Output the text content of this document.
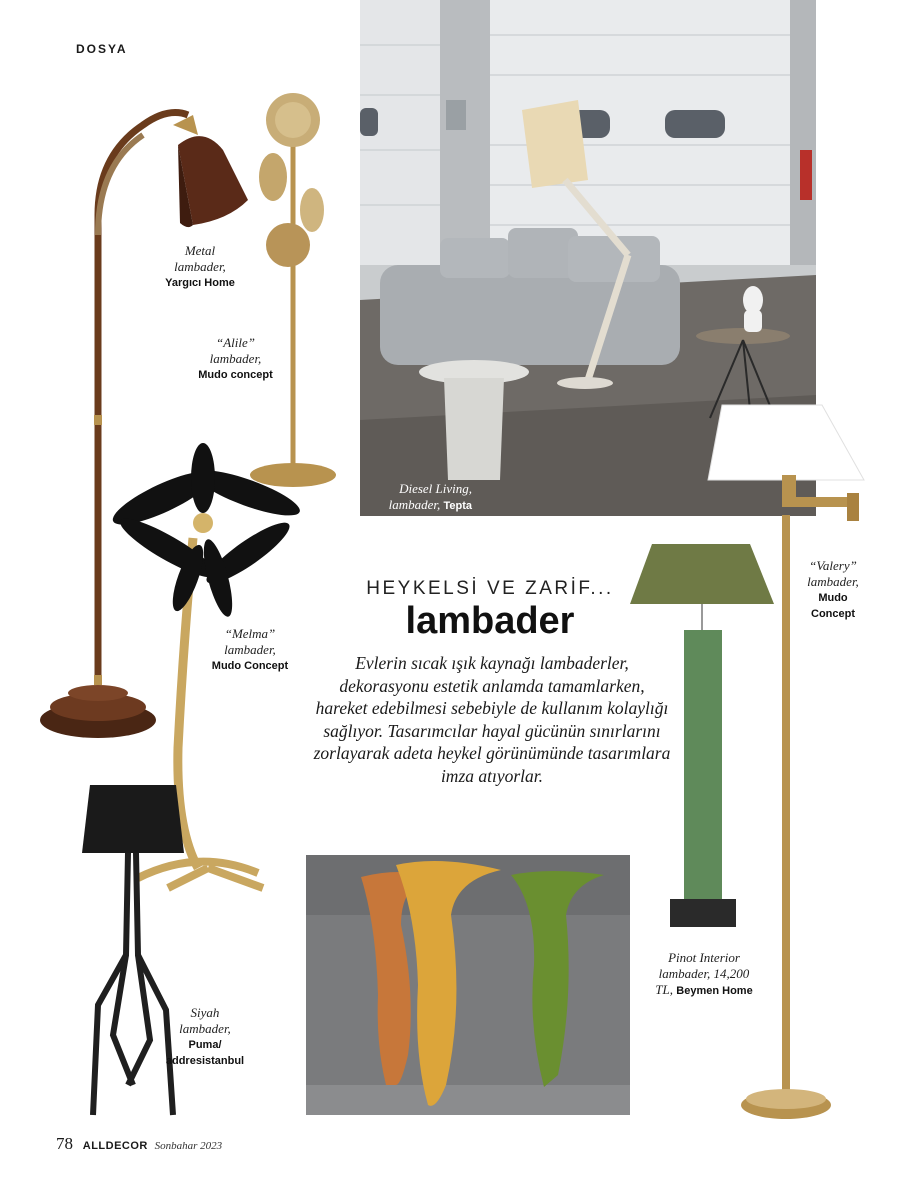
DOSYA
Metal
lambader,
Yargıcı Home
“Alile”
lambader,
Mudo concept
Diesel Living,
lambader, Tepta
“Valery”
lambader,
Mudo
Concept
“Melma”
lambader,
Mudo Concept
Pinot Interior
lambader, 14,200
TL, Beymen Home
Siyah
lambader,
Puma/
addresistanbul
HEYKELSİ VE ZARİF...
lambader
Evlerin sıcak ışık kaynağı lambaderler, dekorasyonu estetik anlamda tamamlarken, hareket edebilmesi sebebiyle de kullanım kolaylığı sağlıyor. Tasarımcılar hayal gücünün sınırlarını zorlayarak adeta heykel görünümünde tasarımlara imza atıyorlar.
78 ALLDECOR Sonbahar 2023
